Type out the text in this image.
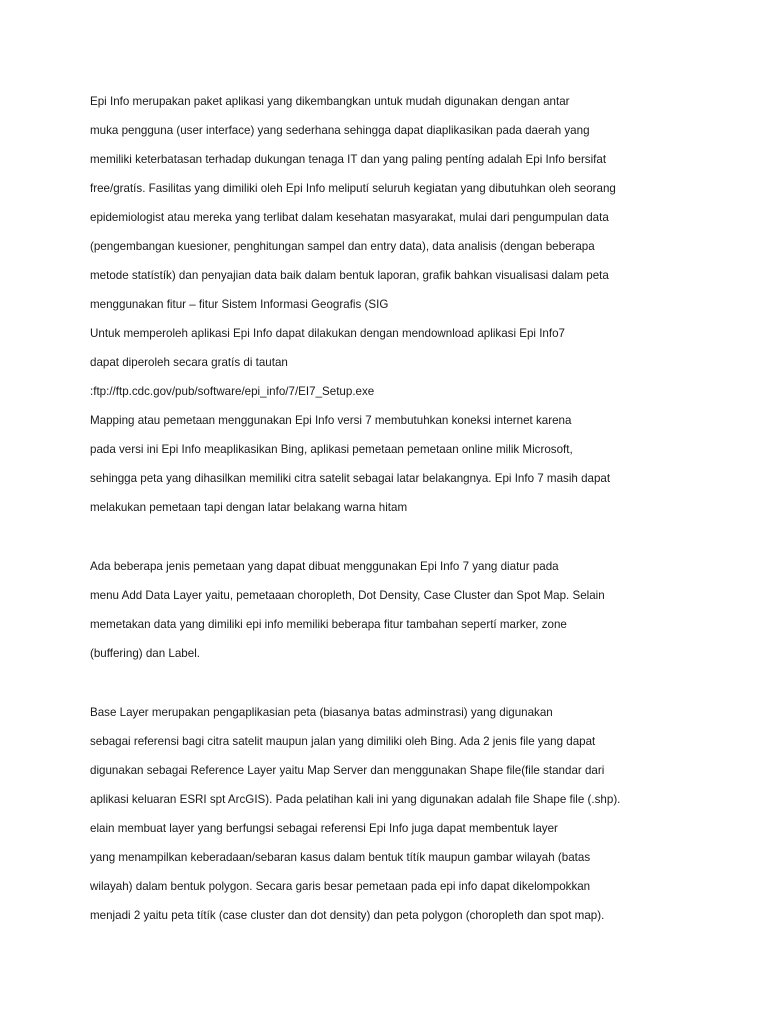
Epi Info merupakan paket aplikasi yang dikembangkan untuk mudah digunakan dengan antar
muka pengguna (user interface) yang sederhana sehingga dapat diaplikasikan pada daerah yang
memiliki keterbatasan terhadap dukungan tenaga IT dan yang paling pentíng adalah Epi Info bersifat
free/gratís. Fasilitas yang dimiliki oleh Epi Info meliputí seluruh kegiatan yang dibutuhkan oleh seorang
epidemiologist atau mereka yang terlibat dalam kesehatan masyarakat, mulai dari pengumpulan data
(pengembangan kuesioner, penghitungan sampel dan entry data), data analisis (dengan beberapa
metode statístík) dan penyajian data baik dalam bentuk laporan, grafik bahkan visualisasi dalam peta
menggunakan fitur – fitur Sistem Informasi Geografis (SIG
Untuk memperoleh aplikasi Epi Info dapat dilakukan dengan mendownload aplikasi Epi Info7
dapat diperoleh secara gratís di tautan
:ftp://ftp.cdc.gov/pub/software/epi_info/7/EI7_Setup.exe
Mapping atau pemetaan menggunakan Epi Info versi 7 membutuhkan koneksi internet karena
pada versi ini Epi Info meaplikasikan Bing, aplikasi pemetaan pemetaan online milik Microsoft,
sehingga peta yang dihasilkan memiliki citra satelit sebagai latar belakangnya. Epi Info 7 masih dapat
melakukan pemetaan tapi dengan latar belakang warna hitam
Ada beberapa jenis pemetaan yang dapat dibuat menggunakan Epi Info 7 yang diatur pada
menu Add Data Layer yaitu, pemetaaan choropleth, Dot Density, Case Cluster dan Spot Map. Selain
memetakan data yang dimiliki epi info memiliki beberapa fitur tambahan sepertí marker, zone
(buffering) dan Label.
Base Layer merupakan pengaplikasian peta (biasanya batas adminstrasi) yang digunakan
sebagai referensi bagi citra satelit maupun jalan yang dimiliki oleh Bing. Ada 2 jenis file yang dapat
digunakan sebagai Reference Layer yaitu Map Server dan menggunakan Shape file(file standar dari
aplikasi keluaran ESRI spt ArcGIS). Pada pelatihan kali ini yang digunakan adalah file Shape file (.shp).
elain membuat layer yang berfungsi sebagai referensi Epi Info juga dapat membentuk layer
yang menampilkan keberadaan/sebaran kasus dalam bentuk títík maupun gambar wilayah (batas
wilayah) dalam bentuk polygon. Secara garis besar pemetaan pada epi info dapat dikelompokkan
menjadi 2 yaitu peta títík (case cluster dan dot density) dan peta polygon (choropleth dan spot map).
